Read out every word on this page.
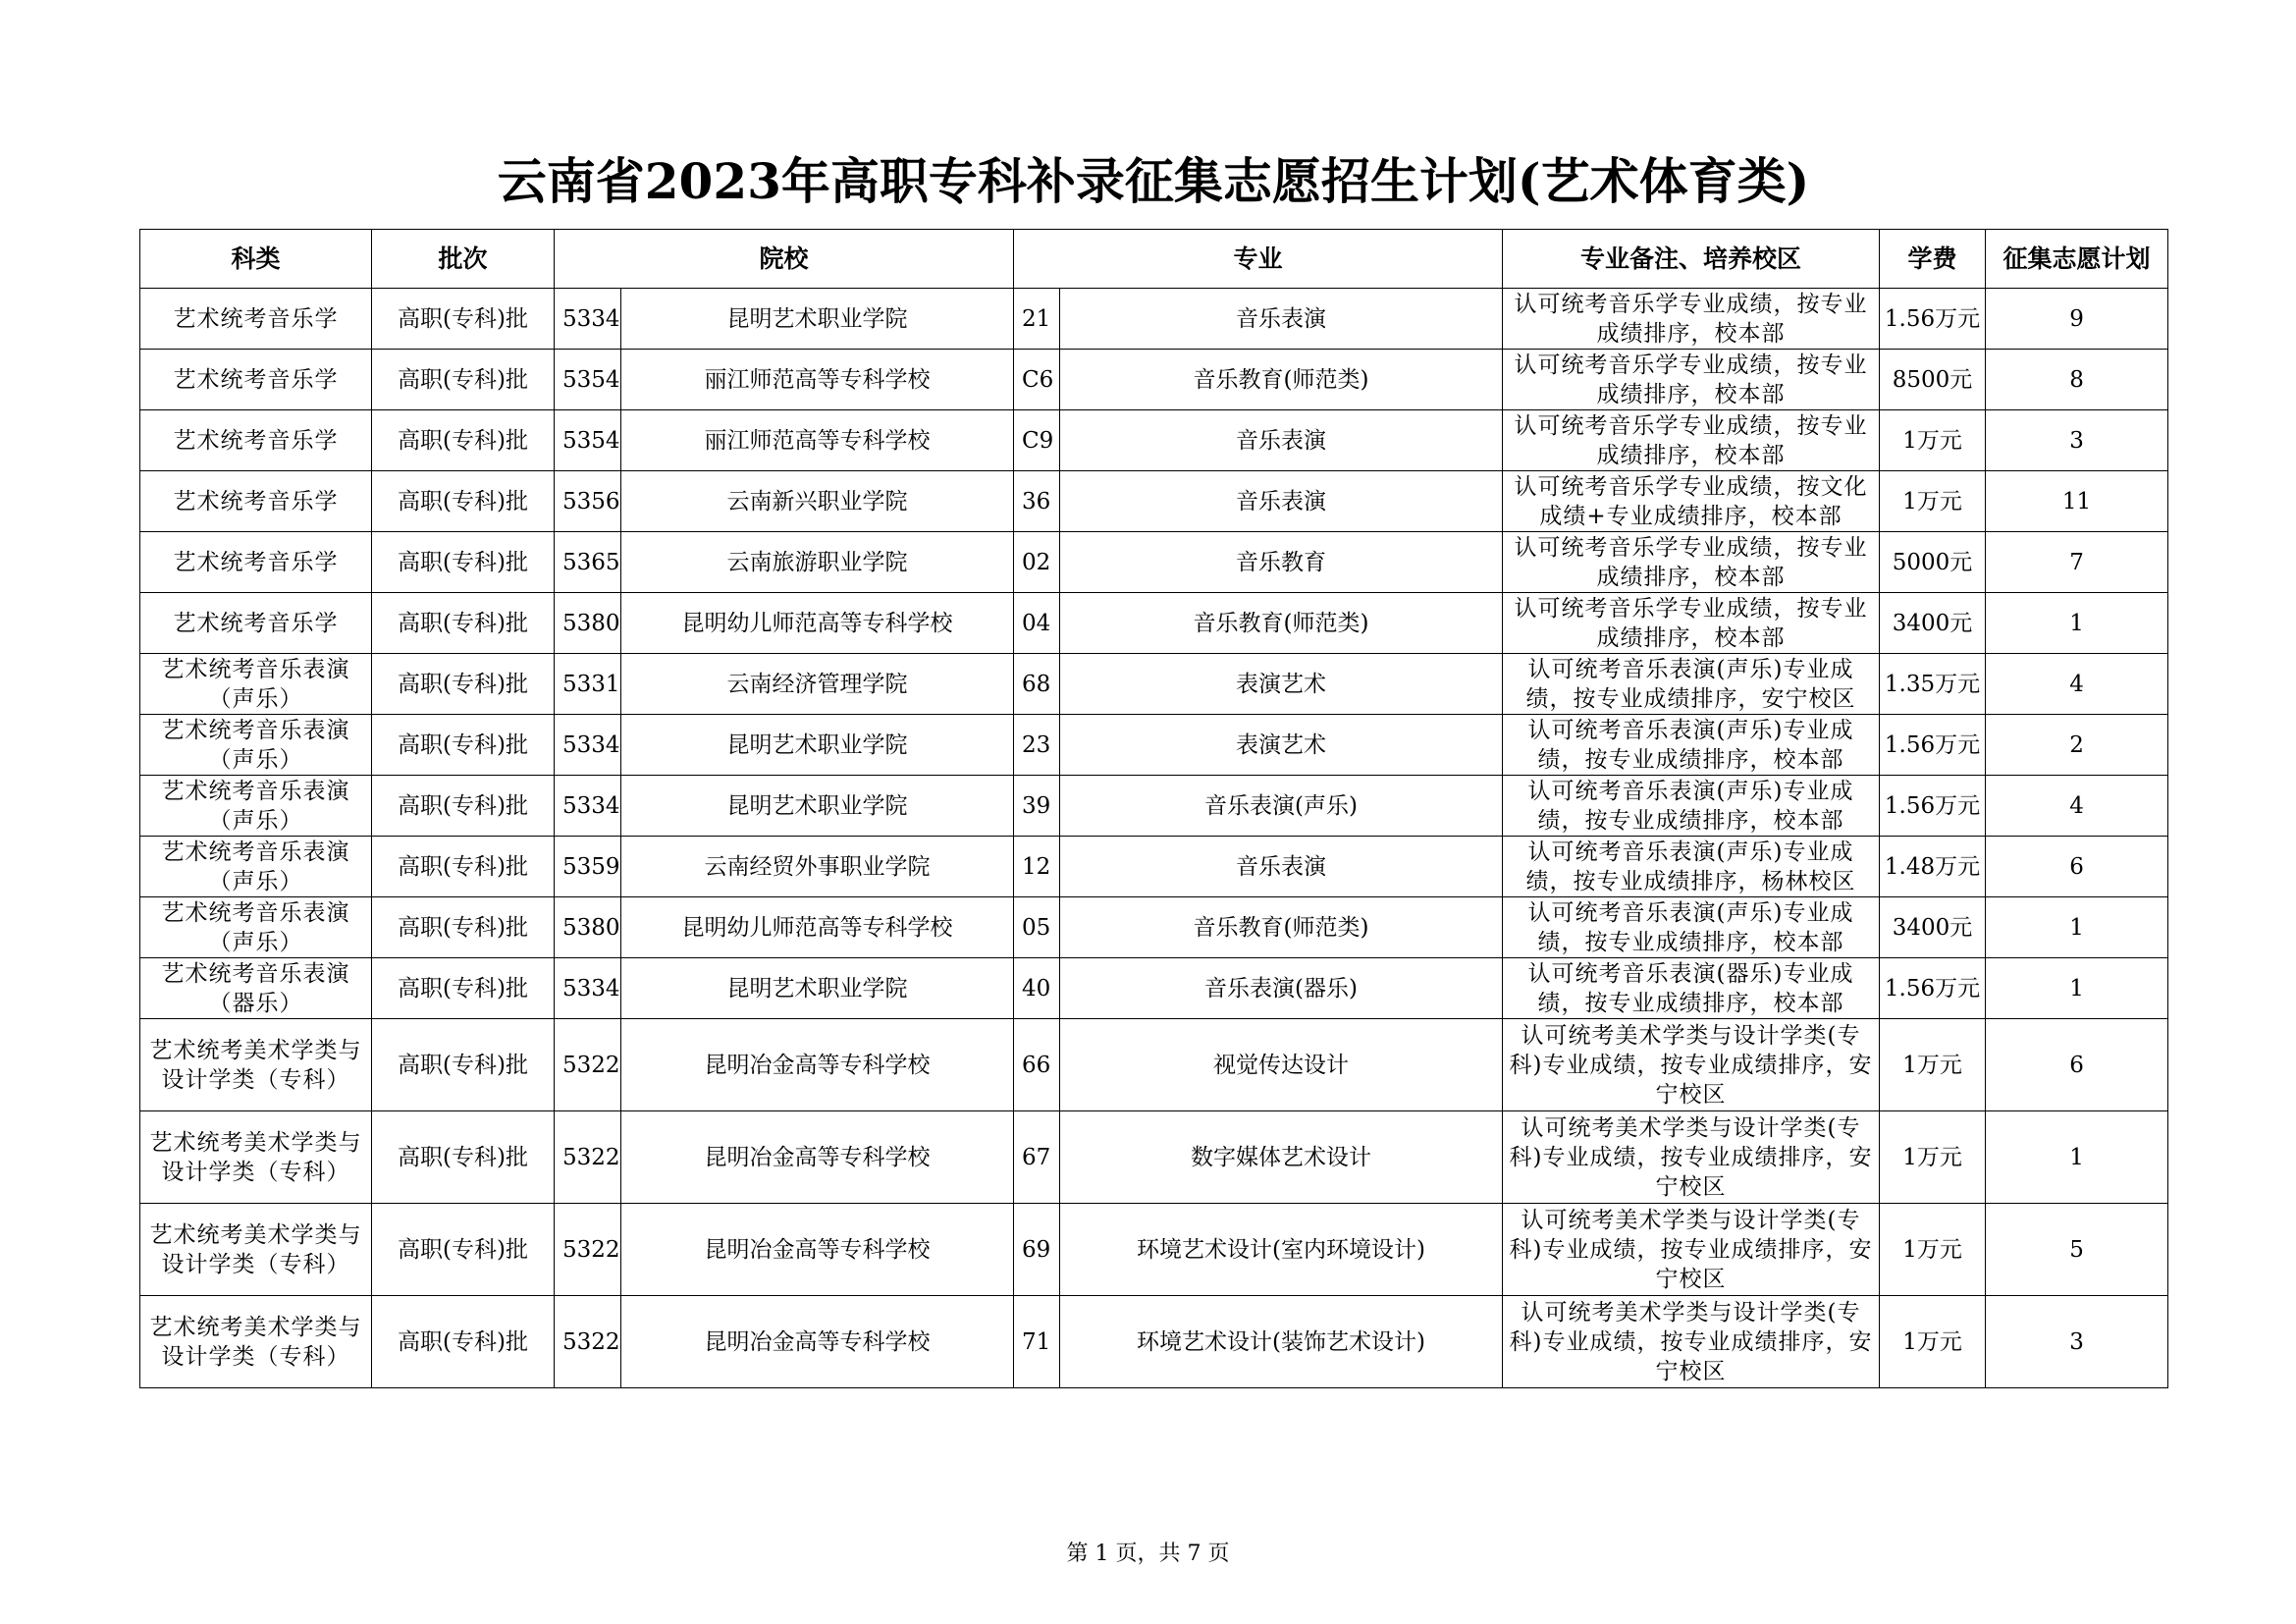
云南省2023年高职专科补录征集志愿招生计划(艺术体育类)
科类	批次	院校		专业		专业备注、培养校区	学费	征集志愿计划
艺术统考音乐学	高职(专科)批	5334	昆明艺术职业学院	21	音乐表演	认可统考音乐学专业成绩，按专业成绩排序，校本部	1.56万元	9
艺术统考音乐学	高职(专科)批	5354	丽江师范高等专科学校	C6	音乐教育(师范类)	认可统考音乐学专业成绩，按专业成绩排序，校本部	8500元	8
艺术统考音乐学	高职(专科)批	5354	丽江师范高等专科学校	C9	音乐表演	认可统考音乐学专业成绩，按专业成绩排序，校本部	1万元	3
艺术统考音乐学	高职(专科)批	5356	云南新兴职业学院	36	音乐表演	认可统考音乐学专业成绩，按文化成绩+专业成绩排序，校本部	1万元	11
艺术统考音乐学	高职(专科)批	5365	云南旅游职业学院	02	音乐教育	认可统考音乐学专业成绩，按专业成绩排序，校本部	5000元	7
艺术统考音乐学	高职(专科)批	5380	昆明幼儿师范高等专科学校	04	音乐教育(师范类)	认可统考音乐学专业成绩，按专业成绩排序，校本部	3400元	1
艺术统考音乐表演（声乐）	高职(专科)批	5331	云南经济管理学院	68	表演艺术	认可统考音乐表演(声乐)专业成绩，按专业成绩排序，安宁校区	1.35万元	4
艺术统考音乐表演（声乐）	高职(专科)批	5334	昆明艺术职业学院	23	表演艺术	认可统考音乐表演(声乐)专业成绩，按专业成绩排序，校本部	1.56万元	2
艺术统考音乐表演（声乐）	高职(专科)批	5334	昆明艺术职业学院	39	音乐表演(声乐)	认可统考音乐表演(声乐)专业成绩，按专业成绩排序，校本部	1.56万元	4
艺术统考音乐表演（声乐）	高职(专科)批	5359	云南经贸外事职业学院	12	音乐表演	认可统考音乐表演(声乐)专业成绩，按专业成绩排序，杨林校区	1.48万元	6
艺术统考音乐表演（声乐）	高职(专科)批	5380	昆明幼儿师范高等专科学校	05	音乐教育(师范类)	认可统考音乐表演(声乐)专业成绩，按专业成绩排序，校本部	3400元	1
艺术统考音乐表演（器乐）	高职(专科)批	5334	昆明艺术职业学院	40	音乐表演(器乐)	认可统考音乐表演(器乐)专业成绩，按专业成绩排序，校本部	1.56万元	1
艺术统考美术学类与设计学类（专科）	高职(专科)批	5322	昆明冶金高等专科学校	66	视觉传达设计	认可统考美术学类与设计学类(专科)专业成绩，按专业成绩排序，安宁校区	1万元	6
艺术统考美术学类与设计学类（专科）	高职(专科)批	5322	昆明冶金高等专科学校	67	数字媒体艺术设计	认可统考美术学类与设计学类(专科)专业成绩，按专业成绩排序，安宁校区	1万元	1
艺术统考美术学类与设计学类（专科）	高职(专科)批	5322	昆明冶金高等专科学校	69	环境艺术设计(室内环境设计)	认可统考美术学类与设计学类(专科)专业成绩，按专业成绩排序，安宁校区	1万元	5
艺术统考美术学类与设计学类（专科）	高职(专科)批	5322	昆明冶金高等专科学校	71	环境艺术设计(装饰艺术设计)	认可统考美术学类与设计学类(专科)专业成绩，按专业成绩排序，安宁校区	1万元	3
第 1 页，共 7 页
